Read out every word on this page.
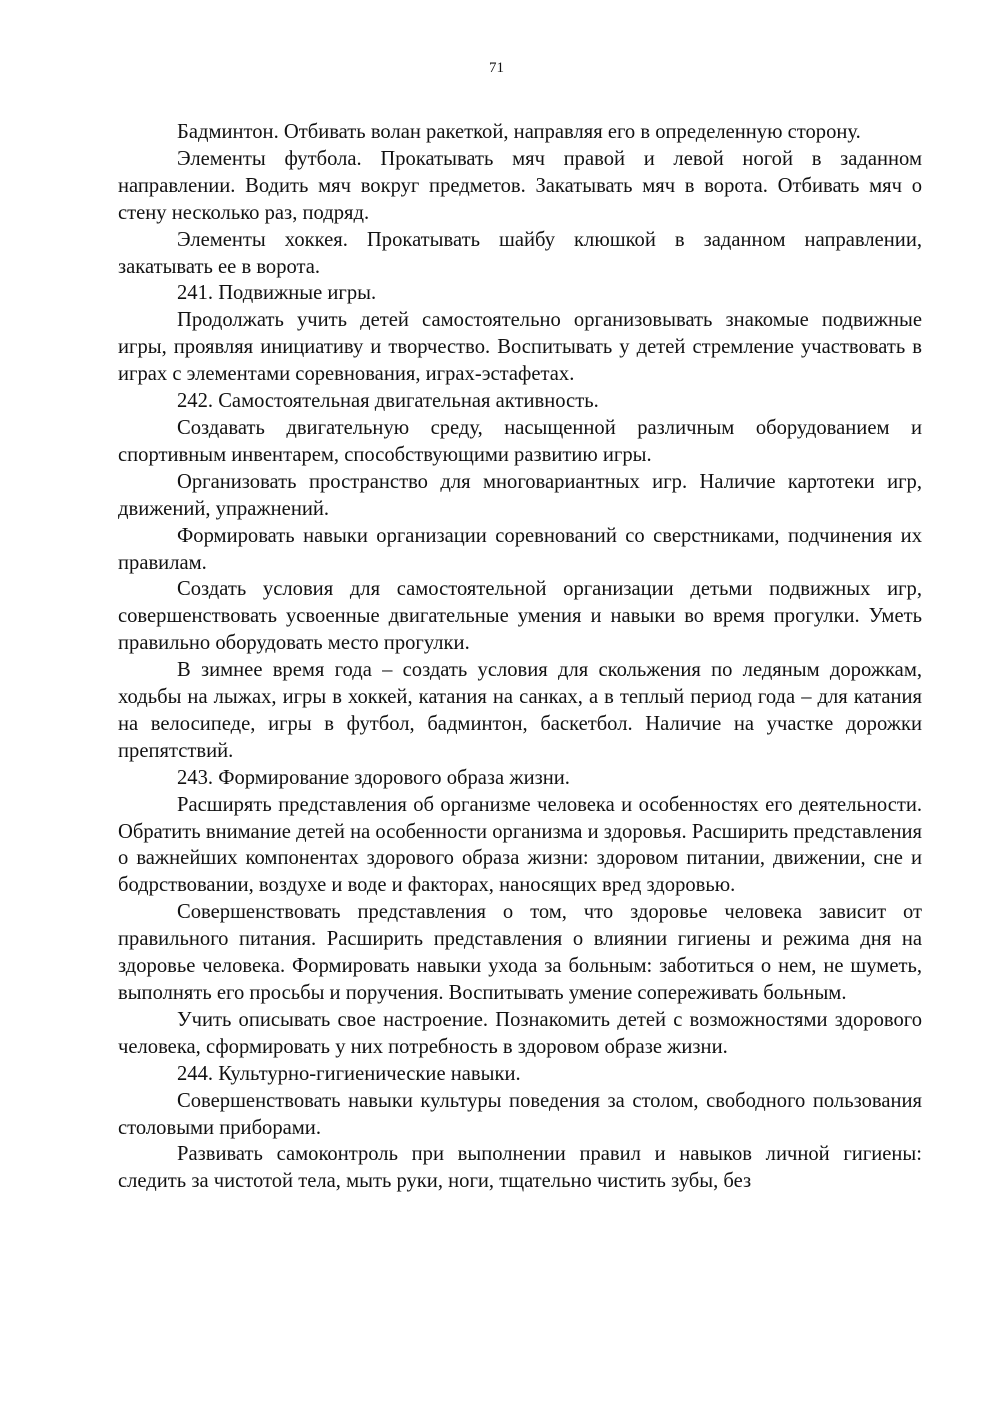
71

Бадминтон. Отбивать волан ракеткой, направляя его в определенную сторону.

Элементы футбола. Прокатывать мяч правой и левой ногой в заданном направлении. Водить мяч вокруг предметов. Закатывать мяч в ворота. Отбивать мяч о стену несколько раз, подряд.

Элементы хоккея. Прокатывать шайбу клюшкой в заданном направлении, закатывать ее в ворота.

241. Подвижные игры.

Продолжать учить детей самостоятельно организовывать знакомые подвижные игры, проявляя инициативу и творчество. Воспитывать у детей стремление участвовать в играх с элементами соревнования, играх-эстафетах.

242. Самостоятельная двигательная активность.

Создавать двигательную среду, насыщенной различным оборудованием и спортивным инвентарем, способствующими развитию игры.

Организовать пространство для многовариантных игр. Наличие картотеки игр, движений, упражнений.

Формировать навыки организации соревнований со сверстниками, подчинения их правилам.

Создать условия для самостоятельной организации детьми подвижных игр, совершенствовать усвоенные двигательные умения и навыки во время прогулки. Уметь правильно оборудовать место прогулки.

В зимнее время года – создать условия для скольжения по ледяным дорожкам, ходьбы на лыжах, игры в хоккей, катания на санках, а в теплый период года – для катания на велосипеде, игры в футбол, бадминтон, баскетбол. Наличие на участке дорожки препятствий.

243. Формирование здорового образа жизни.

Расширять представления об организме человека и особенностях его деятельности. Обратить внимание детей на особенности организма и здоровья. Расширить представления о важнейших компонентах здорового образа жизни: здоровом питании, движении, сне и бодрствовании, воздухе и воде и факторах, наносящих вред здоровью.

Совершенствовать представления о том, что здоровье человека зависит от правильного питания. Расширить представления о влиянии гигиены и режима дня на здоровье человека. Формировать навыки ухода за больным: заботиться о нем, не шуметь, выполнять его просьбы и поручения. Воспитывать умение сопереживать больным.

Учить описывать свое настроение. Познакомить детей с возможностями здорового человека, сформировать у них потребность в здоровом образе жизни.

244. Культурно-гигиенические навыки.

Совершенствовать навыки культуры поведения за столом, свободного пользования столовыми приборами.

Развивать самоконтроль при выполнении правил и навыков личной гигиены: следить за чистотой тела, мыть руки, ноги, тщательно чистить зубы, без
